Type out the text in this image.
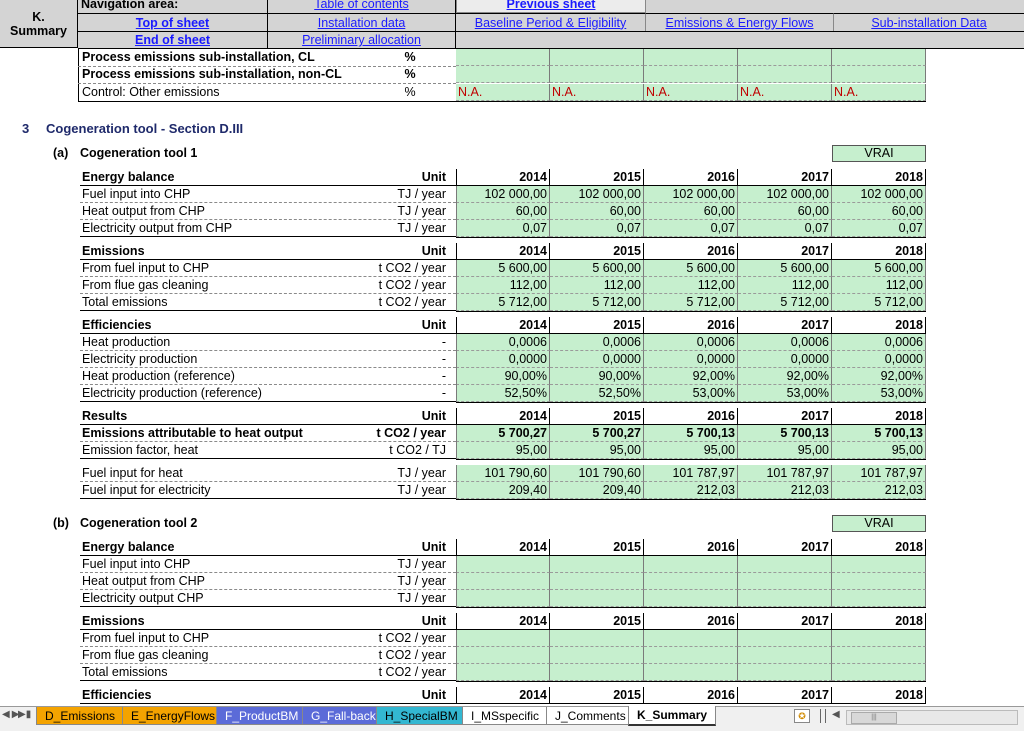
K.
Summary
Navigation area:	Table of contents	Previous sheet
Top of sheet	Installation data	Baseline Period & Eligibility	Emissions & Energy Flows	Sub-installation Data
End of sheet	Preliminary allocation
Process emissions sub-installation, CL	%
Process emissions sub-installation, non-CL	%
Control: Other emissions	%	N.A.	N.A.	N.A.	N.A.	N.A.
3 Cogeneration tool - Section D.III
(a) Cogeneration tool 1	VRAI
Energy balance	Unit	2014	2015	2016	2017	2018
Fuel input into CHP	TJ / year	102 000,00	102 000,00	102 000,00	102 000,00	102 000,00
Heat output from CHP	TJ / year	60,00	60,00	60,00	60,00	60,00
Electricity output from CHP	TJ / year	0,07	0,07	0,07	0,07	0,07
Emissions	Unit	2014	2015	2016	2017	2018
From fuel input to CHP	t CO2 / year	5 600,00	5 600,00	5 600,00	5 600,00	5 600,00
From flue gas cleaning	t CO2 / year	112,00	112,00	112,00	112,00	112,00
Total emissions	t CO2 / year	5 712,00	5 712,00	5 712,00	5 712,00	5 712,00
Efficiencies	Unit	2014	2015	2016	2017	2018
Heat production	-	0,0006	0,0006	0,0006	0,0006	0,0006
Electricity production	-	0,0000	0,0000	0,0000	0,0000	0,0000
Heat production (reference)	-	90,00%	90,00%	92,00%	92,00%	92,00%
Electricity production (reference)	-	52,50%	52,50%	53,00%	53,00%	53,00%
Results	Unit	2014	2015	2016	2017	2018
Emissions attributable to heat output	t CO2 / year	5 700,27	5 700,27	5 700,13	5 700,13	5 700,13
Emission factor, heat	t CO2 / TJ	95,00	95,00	95,00	95,00	95,00
Fuel input for heat	TJ / year	101 790,60	101 790,60	101 787,97	101 787,97	101 787,97
Fuel input for electricity	TJ / year	209,40	209,40	212,03	212,03	212,03
(b) Cogeneration tool 2	VRAI
Energy balance	Unit	2014	2015	2016	2017	2018
Fuel input into CHP	TJ / year
Heat output from CHP	TJ / year
Electricity output CHP	TJ / year
Emissions	Unit	2014	2015	2016	2017	2018
From fuel input to CHP	t CO2 / year
From flue gas cleaning	t CO2 / year
Total emissions	t CO2 / year
Efficiencies	Unit	2014	2015	2016	2017	2018
◀ ▶
▶▮	D_Emissions	E_EnergyFlows F_ProductBM	G_Fall-back H_SpecialBM	I_MSspecific	J_Comments K_Summary	✪	◀	|||
